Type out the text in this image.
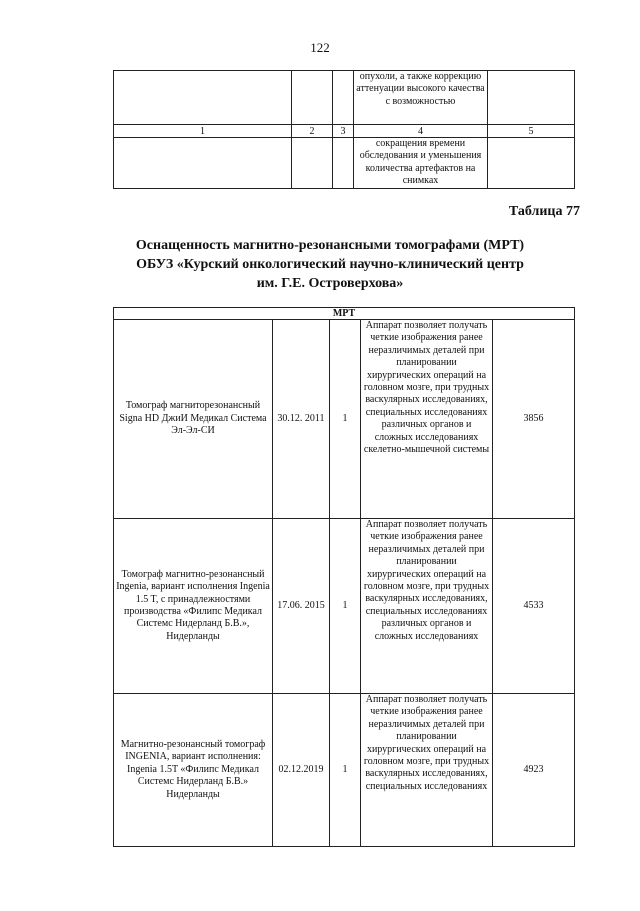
122
			опухоли, а также коррекцию аттенуации высокого качества с возможностью	
1	2	3	4	5
			сокращения времени обследования и уменьшения количества артефактов на снимках	
Таблица 77
Оснащенность магнитно-резонансными томографами (МРТ)
ОБУЗ «Курский онкологический научно-клинический центр
им. Г.Е. Островерхова»
МРТ				
Томограф магниторезонансный Signa HD ДжиИ Медикал Система Эл-Эл-СИ	30.12. 2011	1	Аппарат позволяет получать четкие изображения ранее неразличимых деталей при планировании хирургических операций на головном мозге, при трудных васкулярных исследованиях, специальных исследованиях различных органов и сложных исследованиях скелетно-мышечной системы	3856
Томограф магнитно-резонансный Ingenia, вариант исполнения Ingenia 1.5 T, с принадлежностями производства «Филипс Медикал Системс Нидерланд Б.В.», Нидерланды	17.06. 2015	1	Аппарат позволяет получать четкие изображения ранее неразличимых деталей при планировании хирургических операций на головном мозге, при трудных васкулярных исследованиях, специальных исследованиях различных органов и сложных исследованиях	4533
Магнитно-резонансный томограф INGENIA, вариант исполнения: Ingenia 1.5T «Филипс Медикал Системс Нидерланд Б.В.» Нидерланды	02.12.2019	1	Аппарат позволяет получать четкие изображения ранее неразличимых деталей при планировании хирургических операций на головном мозге, при трудных васкулярных исследованиях, специальных исследованиях	4923
